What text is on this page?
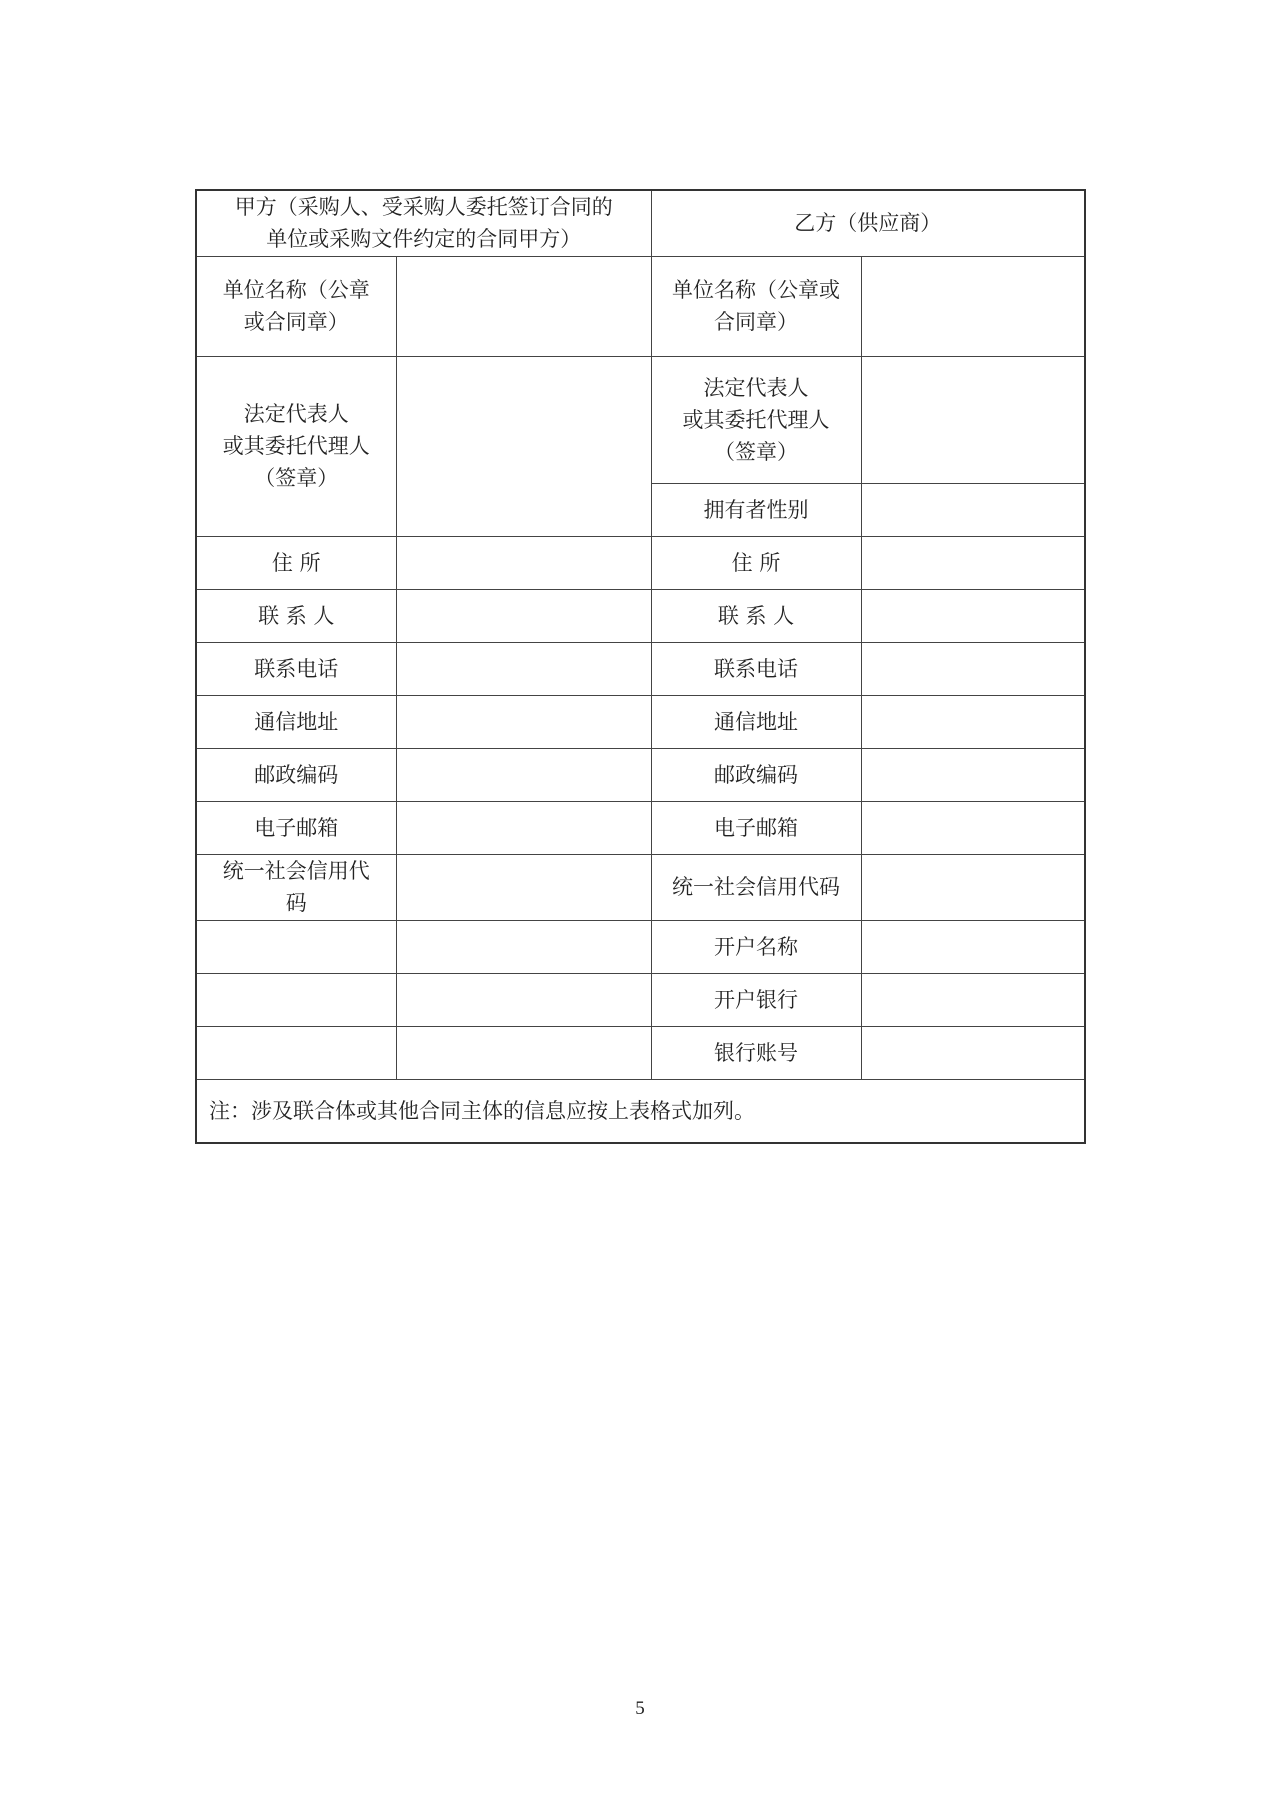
甲方（采购人、受采购人委托签订合同的
单位或采购文件约定的合同甲方）		乙方（供应商）	
单位名称（公章
或合同章）		单位名称（公章或
合同章）	
法定代表人
或其委托代理人
（签章）		法定代表人
或其委托代理人
（签章）	
		拥有者性别	
住 所		住 所	
联 系 人		联 系 人	
联系电话		联系电话	
通信地址		通信地址	
邮政编码		邮政编码	
电子邮箱		电子邮箱	
统一社会信用代
码		统一社会信用代码	
		开户名称	
		开户银行	
		银行账号	
注：涉及联合体或其他合同主体的信息应按上表格式加列。			
5
